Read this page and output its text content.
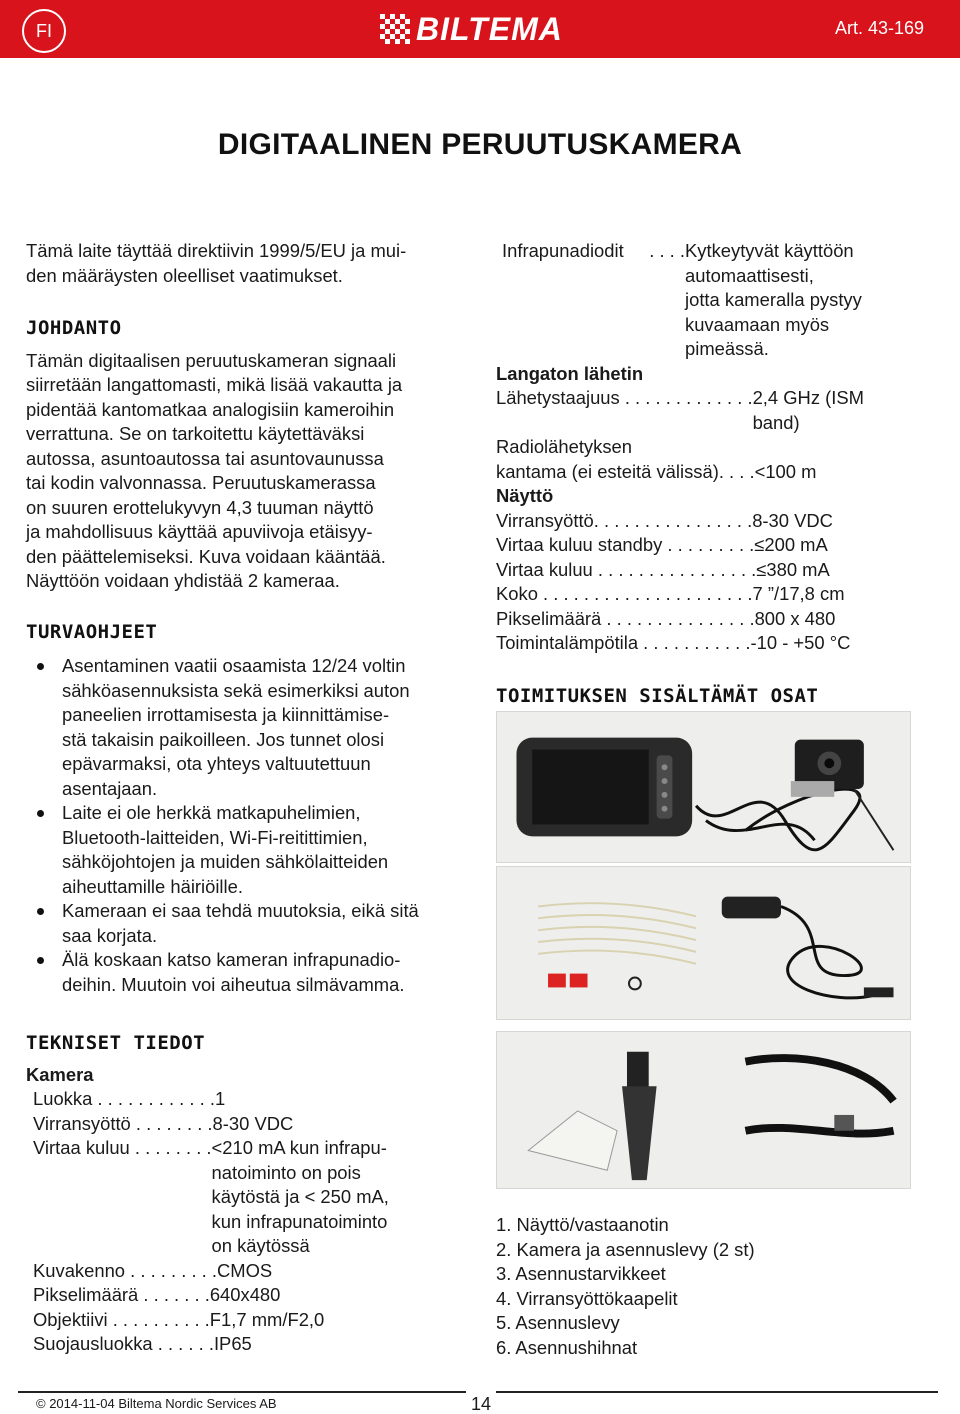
FI	BILTEMA	Art. 43-169
DIGITAALINEN PERUUTUSKAMERA

Tämä laite täyttää direktiivin 1999/5/EU ja mui-

den määräysten oleelliset vaatimukset.

JOHDANTO

Tämän digitaalisen peruutuskameran signaali

siirretään langattomasti, mikä lisää vakautta ja

pidentää kantomatkaa analogisiin kameroihin

verrattuna. Se on tarkoitettu käytettäväksi

autossa, asuntoautossa tai asuntovaunussa

tai kodin valvonnassa. Peruutuskamerassa

on suuren erottelukyvyn 4,3 tuuman näyttö

ja mahdollisuus käyttää apuviivoja etäisyy-

den päättelemiseksi. Kuva voidaan kääntää.

Näyttöön voidaan yhdistää 2 kameraa.

TURVAOHJEET

Asentaminen vaatii osaamista 12/24 voltin

sähköasennuksista sekä esimerkiksi auton

paneelien irrottamisesta ja kiinnittämise-

stä takaisin paikoilleen. Jos tunnet olosi

epävarmaksi, ota yhteys valtuutettuun

asentajaan.

Laite ei ole herkkä matkapuhelimien,

Bluetooth-laitteiden, Wi-Fi-reitittimien,

sähköjohtojen ja muiden sähkölaitteiden

aiheuttamille häiriöille.

Kameraan ei saa tehdä muutoksia, eikä sitä

saa korjata.

Älä koskaan katso kameran infrapunadio-

deihin. Muutoin voi aiheutua silmävamma.

TEKNISET TIEDOT
Kamera
Luokka . . . . . . . . . . . . 1
Virransyöttö . . . . . . . . 8-30 VDC
Virtaa kuluu . . . . . . . . <210 mA kun infrapu-
natoiminto on pois
käytöstä ja < 250 mA,
kun infrapunatoiminto
on käytössä
Kuvakenno . . . . . . . . . CMOS
Pikselimäärä . . . . . . . 640x480
Objektiivi . . . . . . . . . . F1,7 mm/F2,0
Suojausluokka . . . . . . IP65
Infrapunadiodit     . . . . Kytkeytyvät käyttöön
automaattisesti,
jotta kameralla pystyy
kuvaamaan myös
pimeässä.
Langaton lähetin
Lähetystaajuus . . . . . . . . . . . . . 2,4 GHz (ISM
band)

Radiolähetyksen

kantama (ei esteitä välissä). . . . <100 m
Näyttö
Virransyöttö. . . . . . . . . . . . . . . . 8-30 VDC
Virtaa kuluu standby . . . . . . . . . ≤200 mA
Virtaa kuluu . . . . . . . . . . . . . . . . ≤380 mA
Koko . . . . . . . . . . . . . . . . . . . . . 7 ”/17,8 cm
Pikselimäärä . . . . . . . . . . . . . . . 800 x 480
Toimintalämpötila . . . . . . . . . . . -10 - +50 °C
TOIMITUKSEN SISÄLTÄMÄT OSAT
1. Näyttö/vastaanotin
2. Kamera ja asennuslevy (2 st)
3. Asennustarvikkeet
4. Virransyöttökaapelit
5. Asennuslevy
6. Asennushihnat
© 2014-11-04 Biltema Nordic Services AB	14
